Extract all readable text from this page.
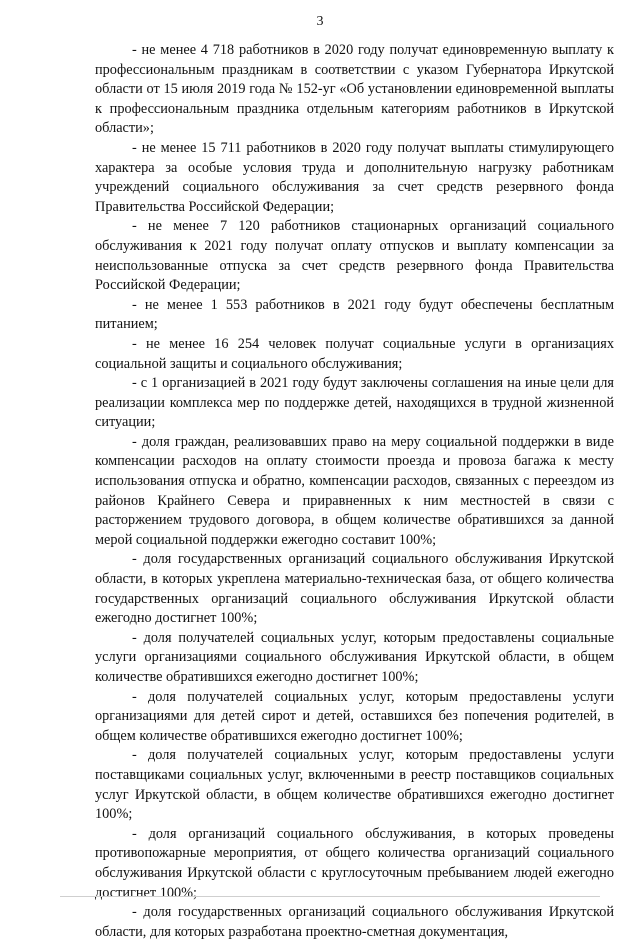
3

- не менее 4 718 работников в 2020 году получат единовременную выплату к профессиональным праздникам в соответствии с указом Губернатора Иркутской области от 15 июля 2019 года № 152-уг «Об установлении единовременной выплаты к профессиональным праздника отдельным категориям работников в Иркутской области»;

- не менее 15 711 работников в 2020 году получат выплаты стимулирующего характера за особые условия труда и дополнительную нагрузку работникам учреждений социального обслуживания за счет средств резервного фонда Правительства Российской Федерации;

- не менее 7 120 работников стационарных организаций социального обслуживания к 2021 году получат оплату отпусков и выплату компенсации за неиспользованные отпуска за счет средств резервного фонда Правительства Российской Федерации;

- не менее 1 553 работников в 2021 году будут обеспечены бесплатным питанием;

- не менее 16 254 человек получат социальные услуги в организациях социальной защиты и социального обслуживания;

- с 1 организацией в 2021 году будут заключены соглашения на иные цели для реализации комплекса мер по поддержке детей, находящихся в трудной жизненной ситуации;

- доля граждан, реализовавших право на меру социальной поддержки в виде компенсации расходов на оплату стоимости проезда и провоза багажа к месту использования отпуска и обратно, компенсации расходов, связанных с переездом из районов Крайнего Севера и приравненных к ним местностей в связи с расторжением трудового договора, в общем количестве обратившихся за данной мерой социальной поддержки ежегодно составит 100%;

- доля государственных организаций социального обслуживания Иркутской области, в которых укреплена материально-техническая база, от общего количества государственных организаций социального обслуживания Иркутской области ежегодно достигнет 100%;

- доля получателей социальных услуг, которым предоставлены социальные услуги организациями социального обслуживания Иркутской области, в общем количестве обратившихся ежегодно достигнет 100%;

- доля получателей социальных услуг, которым предоставлены услуги организациями для детей сирот и детей, оставшихся без попечения родителей, в общем количестве обратившихся ежегодно достигнет 100%;

- доля получателей социальных услуг, которым предоставлены услуги поставщиками социальных услуг, включенными в реестр поставщиков социальных услуг Иркутской области, в общем количестве обратившихся ежегодно достигнет 100%;

- доля организаций социального обслуживания, в которых проведены противопожарные мероприятия, от общего количества организаций социального обслуживания Иркутской области с круглосуточным пребыванием людей ежегодно достигнет 100%;

- доля государственных организаций социального обслуживания Иркутской области, для которых разработана проектно-сметная документация,
